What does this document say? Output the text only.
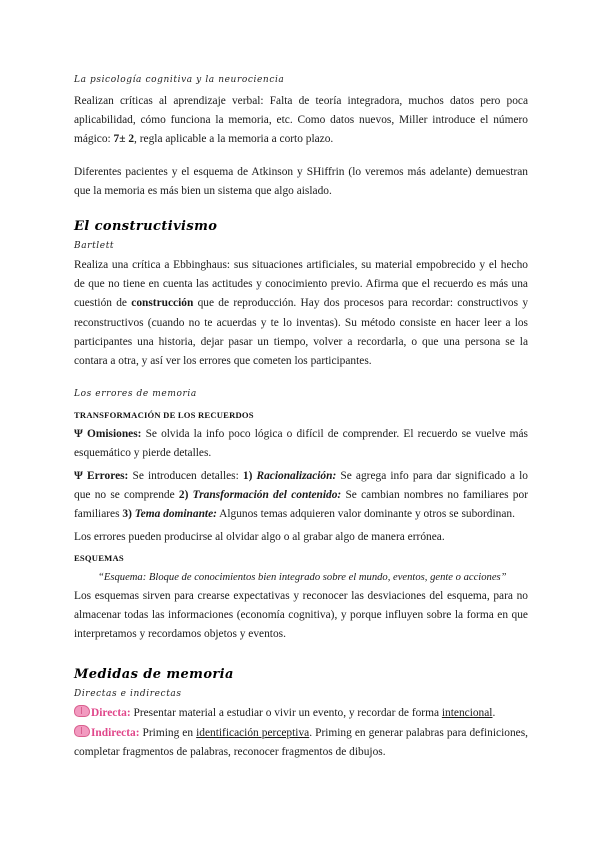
La psicología cognitiva y la neurociencia

Realizan críticas al aprendizaje verbal: Falta de teoría integradora, muchos datos pero poca aplicabilidad, cómo funciona la memoria, etc. Como datos nuevos, Miller introduce el número mágico: 7± 2, regla aplicable a la memoria a corto plazo.

Diferentes pacientes y el esquema de Atkinson y SHiffrin (lo veremos más adelante) demuestran que la memoria es más bien un sistema que algo aislado.

El constructivismo
Bartlett

Realiza una crítica a Ebbinghaus: sus situaciones artificiales, su material empobrecido y el hecho de que no tiene en cuenta las actitudes y conocimiento previo. Afirma que el recuerdo es más una cuestión de construcción que de reproducción. Hay dos procesos para recordar: constructivos y reconstructivos (cuando no te acuerdas y te lo inventas). Su método consiste en hacer leer a los participantes una historia, dejar pasar un tiempo, volver a recordarla, o que una persona se la contara a otra, y así ver los errores que cometen los participantes.

Los errores de memoria
TRANSFORMACIÓN DE LOS RECUERDOS

Ψ Omisiones: Se olvida la info poco lógica o difícil de comprender. El recuerdo se vuelve más esquemático y pierde detalles.

Ψ Errores: Se introducen detalles: 1) Racionalización: Se agrega info para dar significado a lo que no se comprende 2) Transformación del contenido: Se cambian nombres no familiares por familiares 3) Tema dominante: Algunos temas adquieren valor dominante y otros se subordinan.

Los errores pueden producirse al olvidar algo o al grabar algo de manera errónea.

ESQUEMAS

“Esquema: Bloque de conocimientos bien integrado sobre el mundo, eventos, gente o acciones”

Los esquemas sirven para crearse expectativas y reconocer las desviaciones del esquema, para no almacenar todas las informaciones (economía cognitiva), y porque influyen sobre la forma en que interpretamos y recordamos objetos y eventos.

Medidas de memoria
Directas e indirectas

Directa: Presentar material a estudiar o vivir un evento, y recordar de forma intencional.

Indirecta: Priming en identificación perceptiva. Priming en generar palabras para definiciones, completar fragmentos de palabras, reconocer fragmentos de dibujos.
